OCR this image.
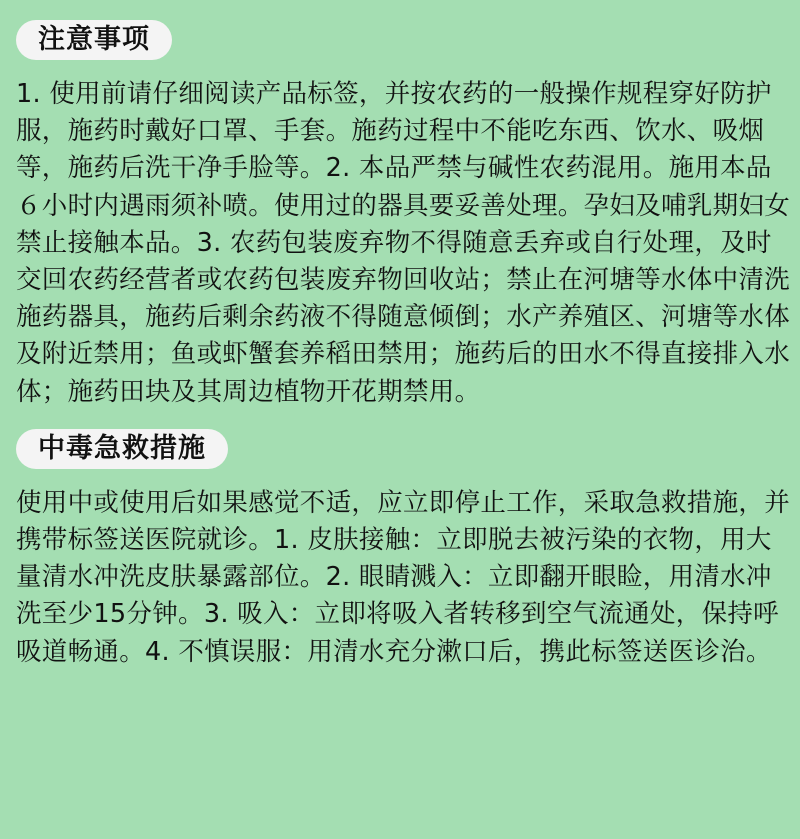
注意事项

1. 使用前请仔细阅读产品标签，并按农药的一般操作规程穿好防护服，施药时戴好口罩、手套。施药过程中不能吃东西、饮水、吸烟等，施药后洗干净手脸等。2. 本品严禁与碱性农药混用。施用本品６小时内遇雨须补喷。使用过的器具要妥善处理。孕妇及哺乳期妇女禁止接触本品。3. 农药包装废弃物不得随意丢弃或自行处理，及时交回农药经营者或农药包装废弃物回收站；禁止在河塘等水体中清洗施药器具，施药后剩余药液不得随意倾倒；水产养殖区、河塘等水体及附近禁用；鱼或虾蟹套养稻田禁用；施药后的田水不得直接排入水体；施药田块及其周边植物开花期禁用。

中毒急救措施

使用中或使用后如果感觉不适，应立即停止工作，采取急救措施，并携带标签送医院就诊。1. 皮肤接触：立即脱去被污染的衣物，用大量清水冲洗皮肤暴露部位。2. 眼睛溅入：立即翻开眼睑，用清水冲洗至少15分钟。3. 吸入：立即将吸入者转移到空气流通处，保持呼吸道畅通。4. 不慎误服：用清水充分漱口后，携此标签送医诊治。
